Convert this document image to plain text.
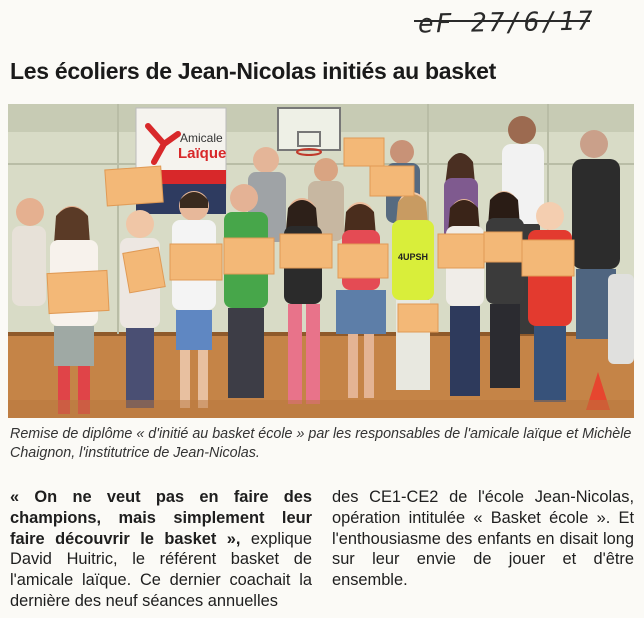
eF 27/6/17
Les écoliers de Jean-Nicolas initiés au basket
Amicale
Laïque
4UPSH
Remise de diplôme « d'initié au basket école » par les responsables de l'amicale laïque et Michèle Chaignon, l'institutrice de Jean-Nicolas.
« On ne veut pas en faire des champions, mais simplement leur faire découvrir le basket », explique David Huitric, le référent basket de l'amicale laïque. Ce dernier coachait la dernière des neuf séances annuelles
des CE1-CE2 de l'école Jean-Nicolas, opération intitulée « Basket école ». Et l'enthousiasme des enfants en disait long sur leur envie de jouer et d'être ensemble.
